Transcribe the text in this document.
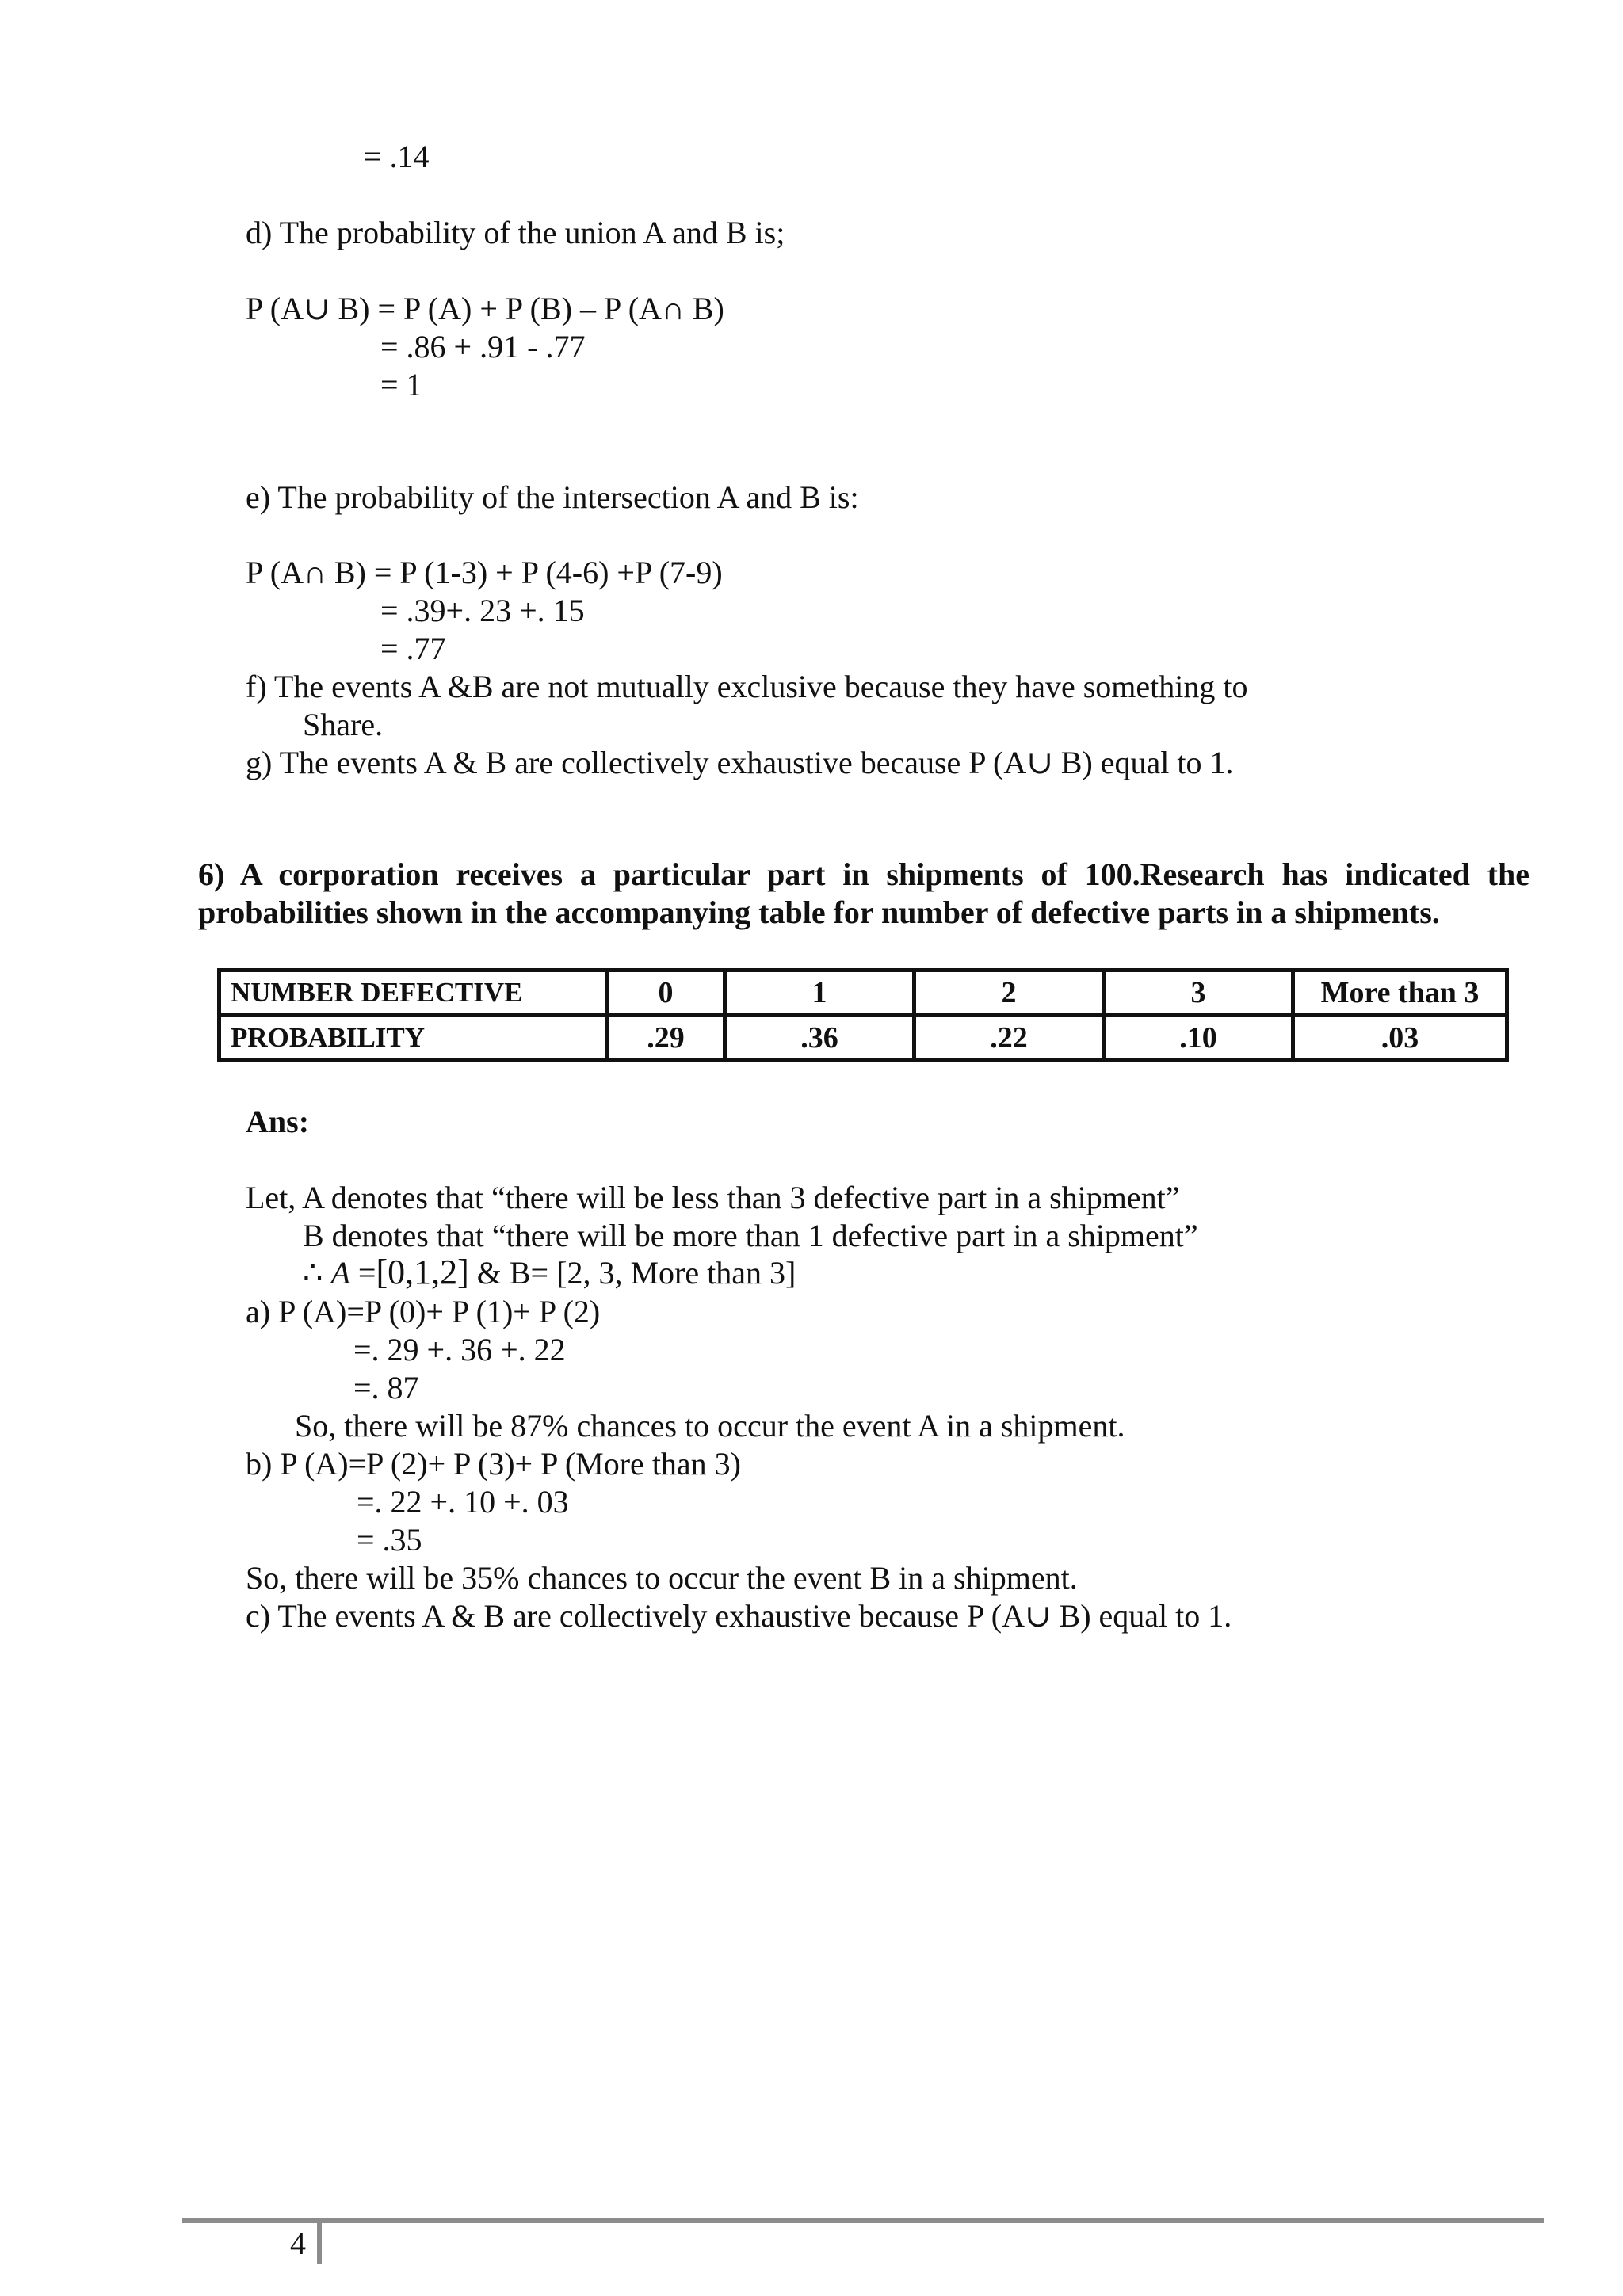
= .14
d) The probability of the union A and B is;
P (A∪ B) = P (A) + P (B) – P (A∩ B)
= .86 + .91 - .77
= 1
e) The probability of the intersection A and B is:
P (A∩ B) = P (1-3) + P (4-6) +P (7-9)
= .39+. 23 +. 15
= .77
f) The events A &B are not mutually exclusive because they have something to
Share.
g) The events A & B are collectively exhaustive because P (A∪ B) equal to 1.
6) A corporation receives a particular part in shipments of 100.Research has indicated the
probabilities shown in the accompanying table for number of defective parts in a shipments.
NUMBER DEFECTIVE	0	1	2	3	More than 3
PROBABILITY	.29	.36	.22	.10	.03
Ans:
Let, A denotes that “there will be less than 3 defective part in a shipment”
B denotes that “there will be more than 1 defective part in a shipment”
∴ A =[0,1,2] & B= [2, 3, More than 3]
a) P (A)=P (0)+ P (1)+ P (2)
=. 29 +. 36 +. 22
=. 87
So, there will be 87% chances to occur the event A in a shipment.
b) P (A)=P (2)+ P (3)+ P (More than 3)
=. 22 +. 10 +. 03
= .35
So, there will be 35% chances to occur the event B in a shipment.
c) The events A & B are collectively exhaustive because P (A∪ B) equal to 1.
4
